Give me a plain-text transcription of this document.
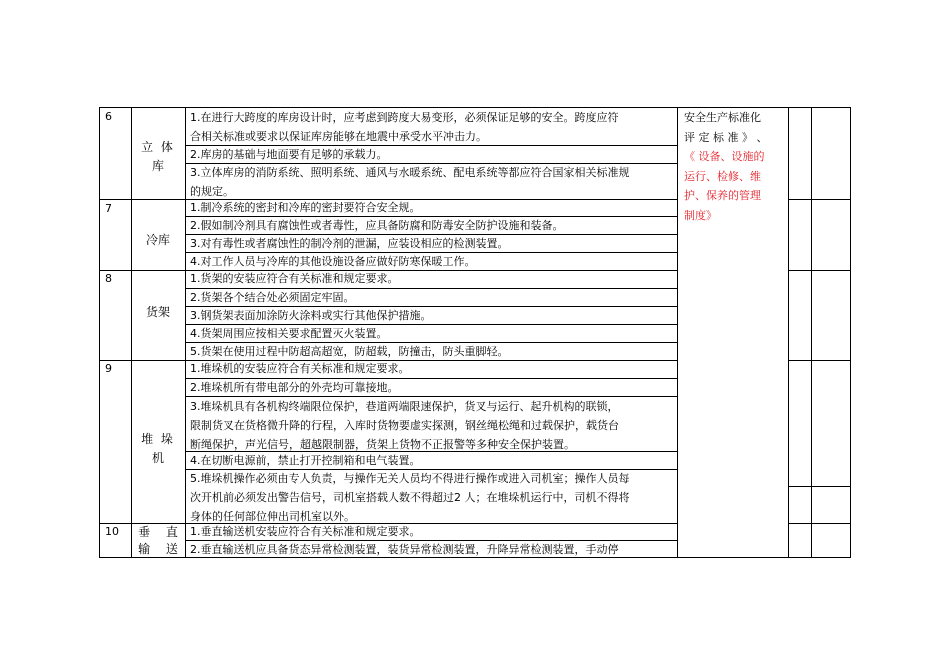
6
立 体
库
1.在进行大跨度的库房设计时，应考虑到跨度大易变形，必须保证足够的安全。跨度应符
合相关标准或要求以保证库房能够在地震中承受水平冲击力。
2.库房的基础与地面要有足够的承载力。
3.立体库房的消防系统、照明系统、通风与水暖系统、配电系统等都应符合国家相关标准规
的规定。
7
冷库
1.制冷系统的密封和冷库的密封要符合安全规。
2.假如制冷剂具有腐蚀性或者毒性，应具备防腐和防毒安全防护设施和装备。
3.对有毒性或者腐蚀性的制冷剂的泄漏，应装设相应的检测装置。
4.对工作人员与冷库的其他设施设备应做好防寒保暖工作。
8
货架
1.货架的安装应符合有关标准和规定要求。
2.货架各个结合处必须固定牢固。
3.钢货架表面加涂防火涂料或实行其他保护措施。
4.货架周围应按相关要求配置灭火装置。
5.货架在使用过程中防超高超宽，防超载，防撞击，防头重脚轻。
9
堆 垛
机
1.堆垛机的安装应符合有关标准和规定要求。
2.堆垛机所有带电部分的外壳均可靠接地。
3.堆垛机具有各机构终端限位保护，巷道两端限速保护，货叉与运行、起升机构的联锁，
限制货叉在货格微升降的行程，入库时货物要虚实探测，钢丝绳松绳和过载保护，载货台
断绳保护，声光信号，超越限制器，货架上货物不正报警等多种安全保护装置。
4.在切断电源前，禁止打开控制箱和电气装置。
5.堆垛机操作必须由专人负责，与操作无关人员均不得进行操作或进入司机室；操作人员每
次开机前必须发出警告信号，司机室搭载人数不得超过2 人；在堆垛机运行中，司机不得将
身体的任何部位伸出司机室以外。
10	垂 直
输 送
1.垂直输送机安装应符合有关标准和规定要求。
2.垂直输送机应具备货态异常检测装置，装货异常检测装置，升降异常检测装置，手动停
安全生产标准化
评 定 标 准 》 、
《 设备、设施的
运行、检修、维
护、保养的管理
制度》
